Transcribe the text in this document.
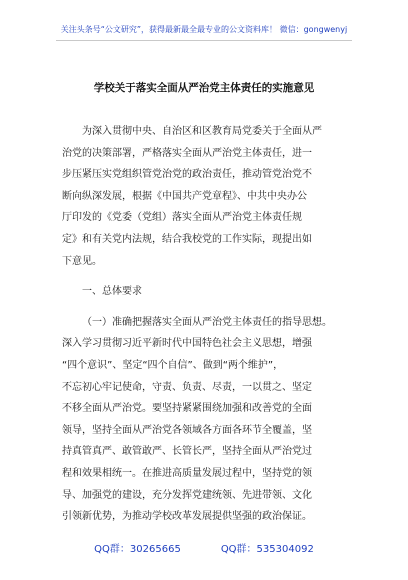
关注头条号“公文研究”，获得最新最全最专业的公文资料库！ 微信：gongwenyj
学校关于落实全面从严治党主体责任的实施意见
为深入贯彻中央、自治区和区教育局党委关于全面从严
治党的决策部署，严格落实全面从严治党主体责任，进一
步压紧压实党组织管党治党的政治责任，推动管党治党不
断向纵深发展，根据《中国共产党章程》、中共中央办公
厅印发的《党委（党组）落实全面从严治党主体责任规
定》和有关党内法规，结合我校党的工作实际，现提出如
下意见。
一、总体要求
（一）准确把握落实全面从严治党主体责任的指导思想。
深入学习贯彻习近平新时代中国特色社会主义思想，增强
“四个意识”、坚定“四个自信”、做到“两个维护”，
不忘初心牢记使命，守责、负责、尽责，一以贯之、坚定
不移全面从严治党。要坚持紧紧围绕加强和改善党的全面
领导，坚持全面从严治党各领域各方面各环节全覆盖，坚
持真管真严、敢管敢严、长管长严，坚持全面从严治党过
程和效果相统一。在推进高质量发展过程中，坚持党的领
导、加强党的建设，充分发挥党建统领、先进带领、文化
引领新优势，为推动学校改革发展提供坚强的政治保证。
QQ群：30265665	QQ群：535304092
